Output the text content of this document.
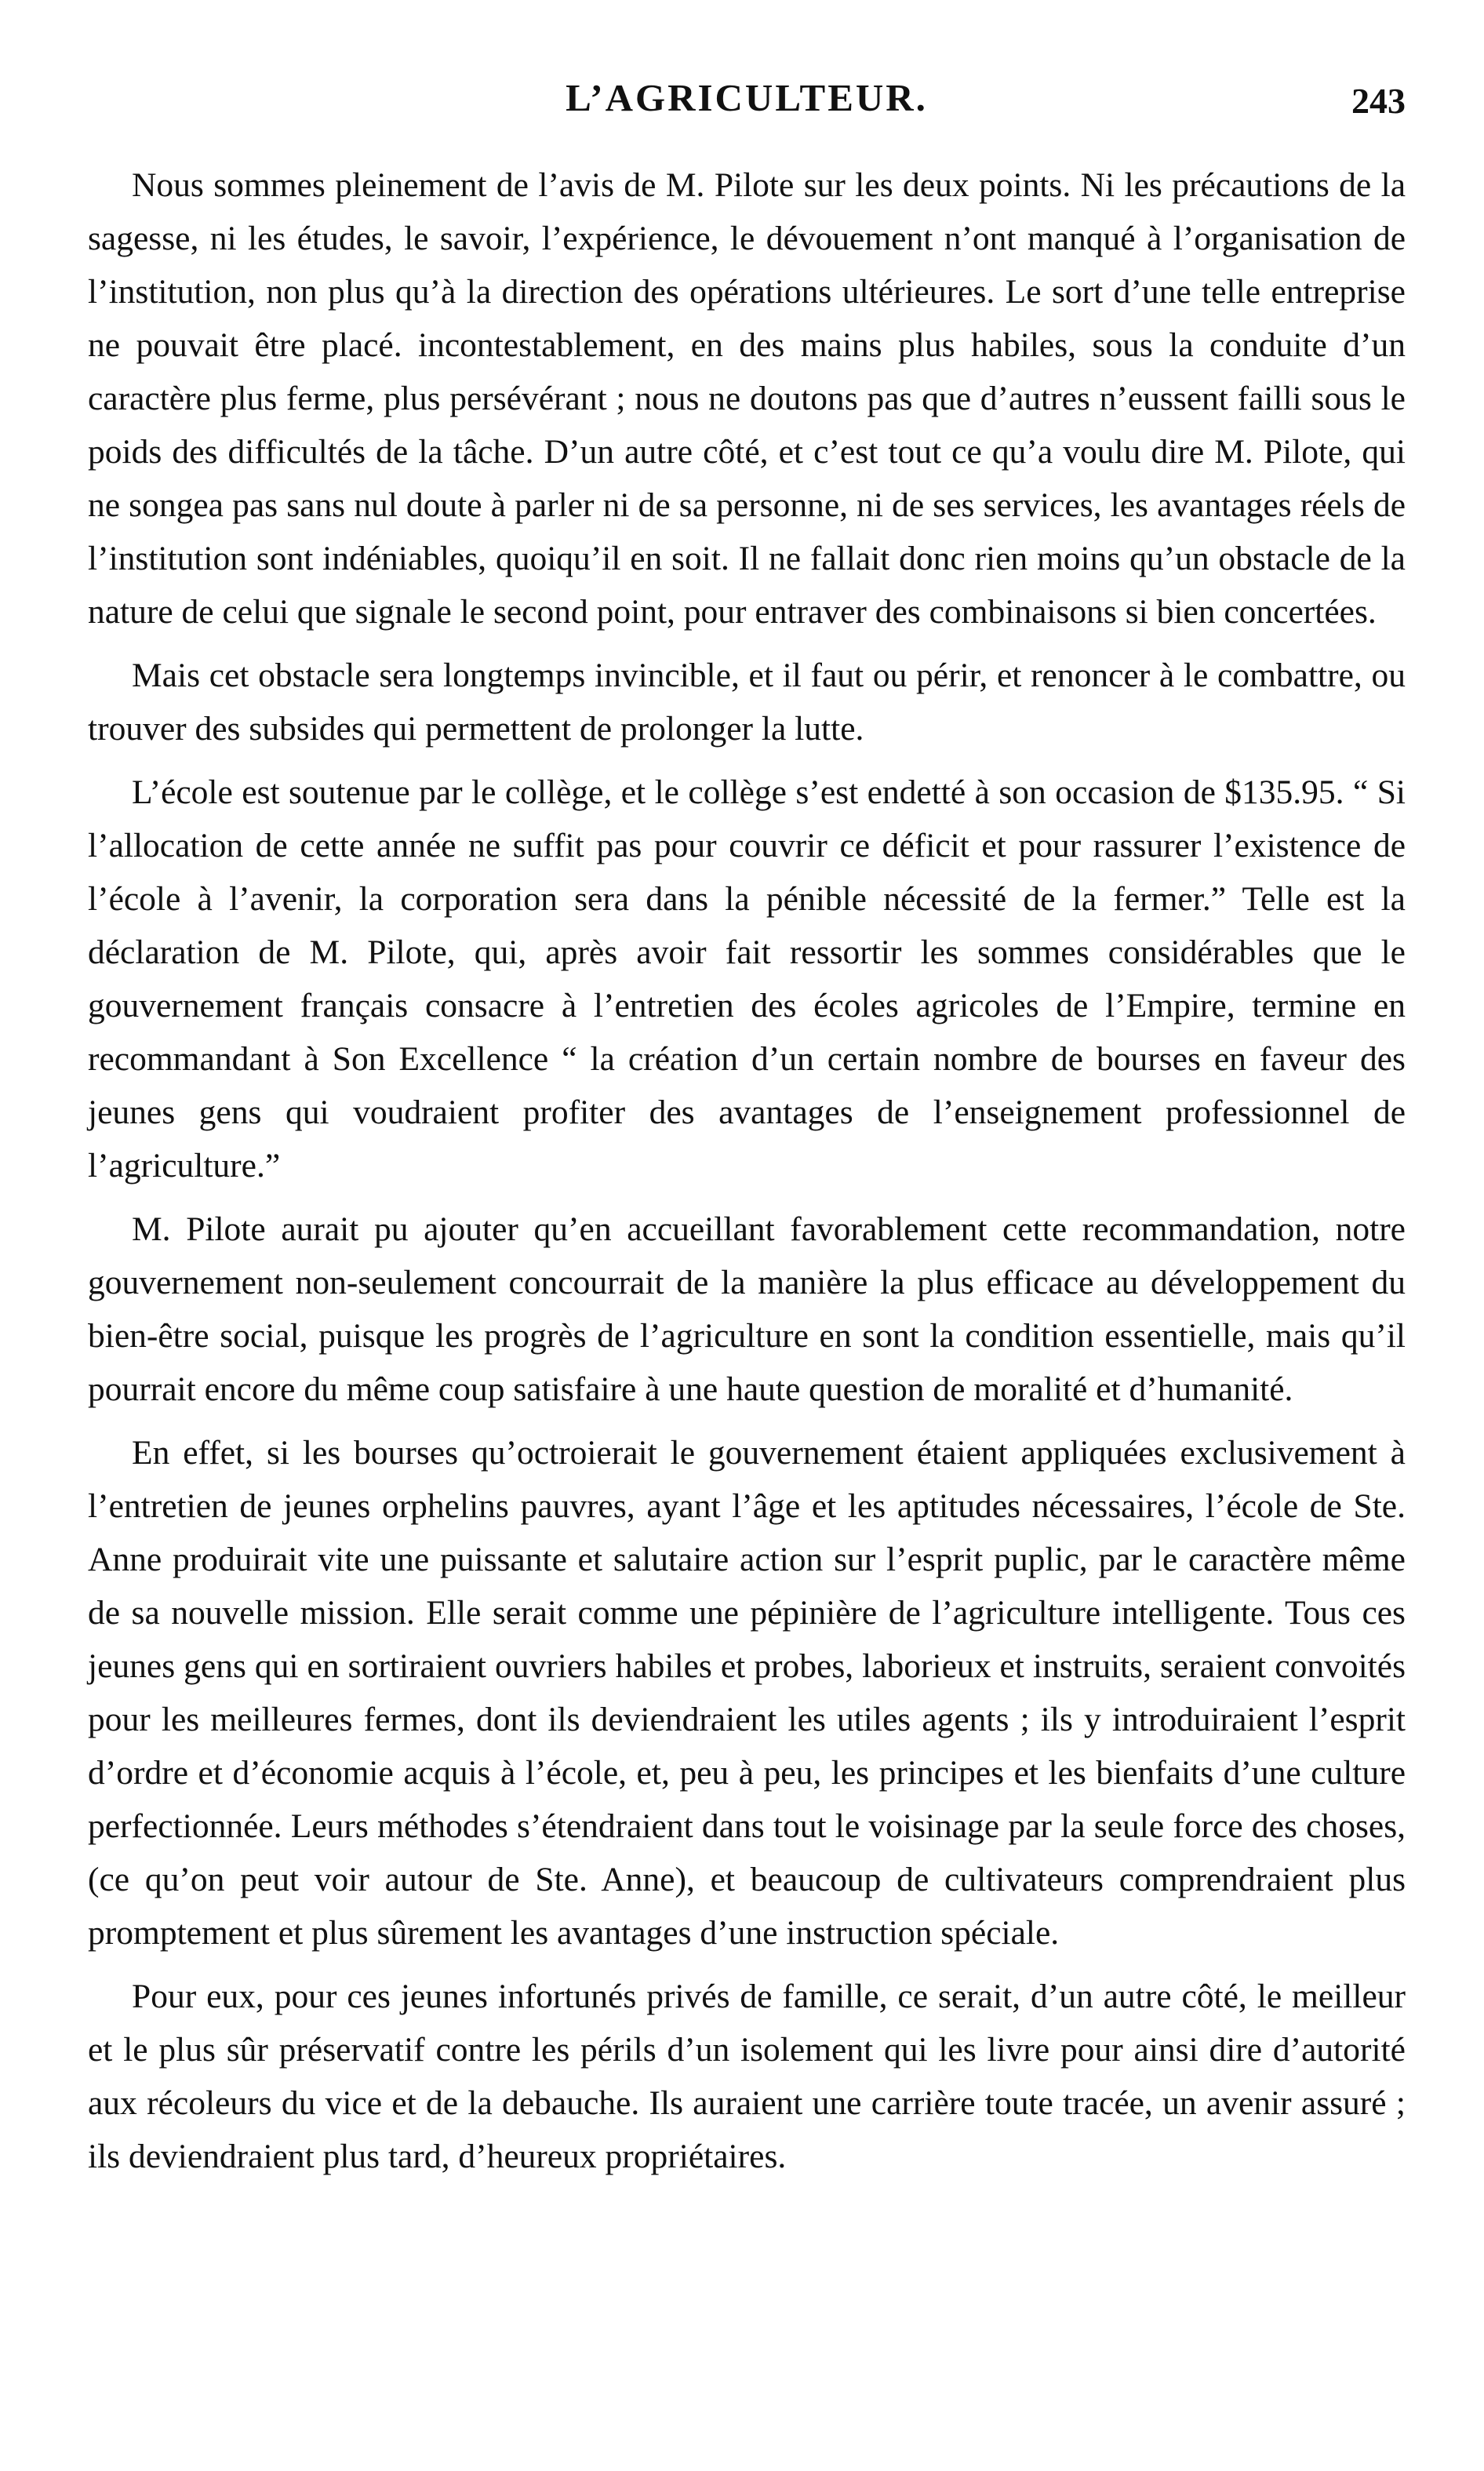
L’AGRICULTEUR.	243

Nous sommes pleinement de l’avis de M. Pilote sur les deux points. Ni les précautions de la sagesse, ni les études, le savoir, l’expérience, le dévouement n’ont manqué à l’organisation de l’institution, non plus qu’à la direction des opérations ultérieures. Le sort d’une telle entreprise ne pouvait être placé. incontestablement, en des mains plus habiles, sous la conduite d’un caractère plus ferme, plus persévérant ; nous ne doutons pas que d’autres n’eussent failli sous le poids des difficultés de la tâche. D’un autre côté, et c’est tout ce qu’a voulu dire M. Pilote, qui ne songea pas sans nul doute à parler ni de sa personne, ni de ses services, les avantages réels de l’institution sont indéniables, quoiqu’il en soit. Il ne fallait donc rien moins qu’un obstacle de la nature de celui que signale le second point, pour entraver des combinaisons si bien concertées.

Mais cet obstacle sera longtemps invincible, et il faut ou périr, et renoncer à le combattre, ou trouver des subsides qui permettent de prolonger la lutte.

L’école est soutenue par le collège, et le collège s’est endetté à son occasion de $135.95. “ Si l’allocation de cette année ne suffit pas pour couvrir ce déficit et pour rassurer l’existence de l’école à l’avenir, la corporation sera dans la pénible nécessité de la fermer.” Telle est la déclaration de M. Pilote, qui, après avoir fait ressortir les sommes considérables que le gouvernement français consacre à l’entretien des écoles agricoles de l’Empire, termine en recommandant à Son Excellence “ la création d’un certain nombre de bourses en faveur des jeunes gens qui voudraient profiter des avantages de l’enseignement professionnel de l’agriculture.”

M. Pilote aurait pu ajouter qu’en accueillant favorablement cette recommandation, notre gouvernement non-seulement concourrait de la manière la plus efficace au développement du bien-être social, puisque les progrès de l’agriculture en sont la condition essentielle, mais qu’il pourrait encore du même coup satisfaire à une haute question de moralité et d’humanité.

En effet, si les bourses qu’octroierait le gouvernement étaient appliquées exclusivement à l’entretien de jeunes orphelins pauvres, ayant l’âge et les aptitudes nécessaires, l’école de Ste. Anne produirait vite une puissante et salutaire action sur l’esprit puplic, par le caractère même de sa nouvelle mission. Elle serait comme une pépinière de l’agriculture intelligente. Tous ces jeunes gens qui en sortiraient ouvriers habiles et probes, laborieux et instruits, seraient convoités pour les meilleures fermes, dont ils deviendraient les utiles agents ; ils y introduiraient l’esprit d’ordre et d’économie acquis à l’école, et, peu à peu, les principes et les bienfaits d’une culture perfectionnée. Leurs méthodes s’étendraient dans tout le voisinage par la seule force des choses, (ce qu’on peut voir autour de Ste. Anne), et beaucoup de cultivateurs comprendraient plus promptement et plus sûrement les avantages d’une instruction spéciale.

Pour eux, pour ces jeunes infortunés privés de famille, ce serait, d’un autre côté, le meilleur et le plus sûr préservatif contre les périls d’un isolement qui les livre pour ainsi dire d’autorité aux récoleurs du vice et de la debauche. Ils auraient une carrière toute tracée, un avenir assuré ; ils deviendraient plus tard, d’heureux propriétaires.
